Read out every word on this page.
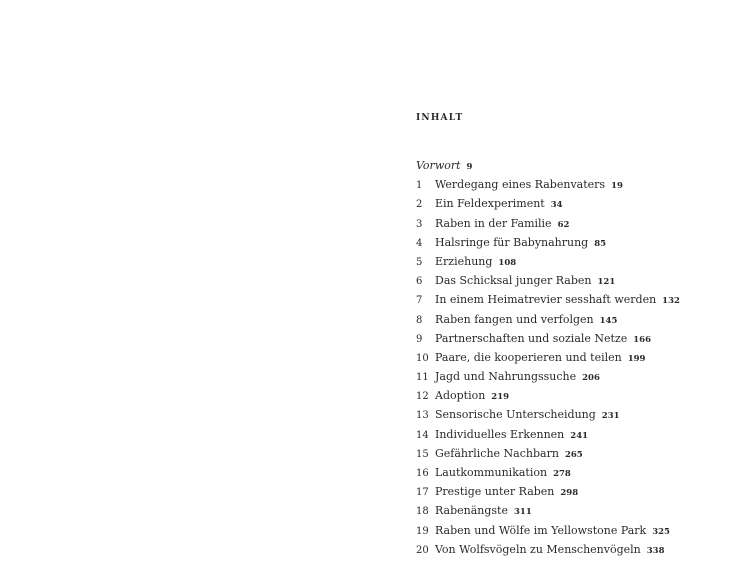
INHALT
Vorwort 9
1 Werdegang eines Rabenvaters 19
2 Ein Feldexperiment 34
3 Raben in der Familie 62
4 Halsringe für Babynahrung 85
5 Erziehung 108
6 Das Schicksal junger Raben 121
7 In einem Heimatrevier sesshaft werden 132
8 Raben fangen und verfolgen 145
9 Partnerschaften und soziale Netze 166
10 Paare, die kooperieren und teilen 199
11 Jagd und Nahrungssuche 206
12 Adoption 219
13 Sensorische Unterscheidung 231
14 Individuelles Erkennen 241
15 Gefährliche Nachbarn 265
16 Lautkommunikation 278
17 Prestige unter Raben 298
18 Rabenängste 311
19 Raben und Wölfe im Yellowstone Park 325
20 Von Wolfsvögeln zu Menschenvögeln 338
